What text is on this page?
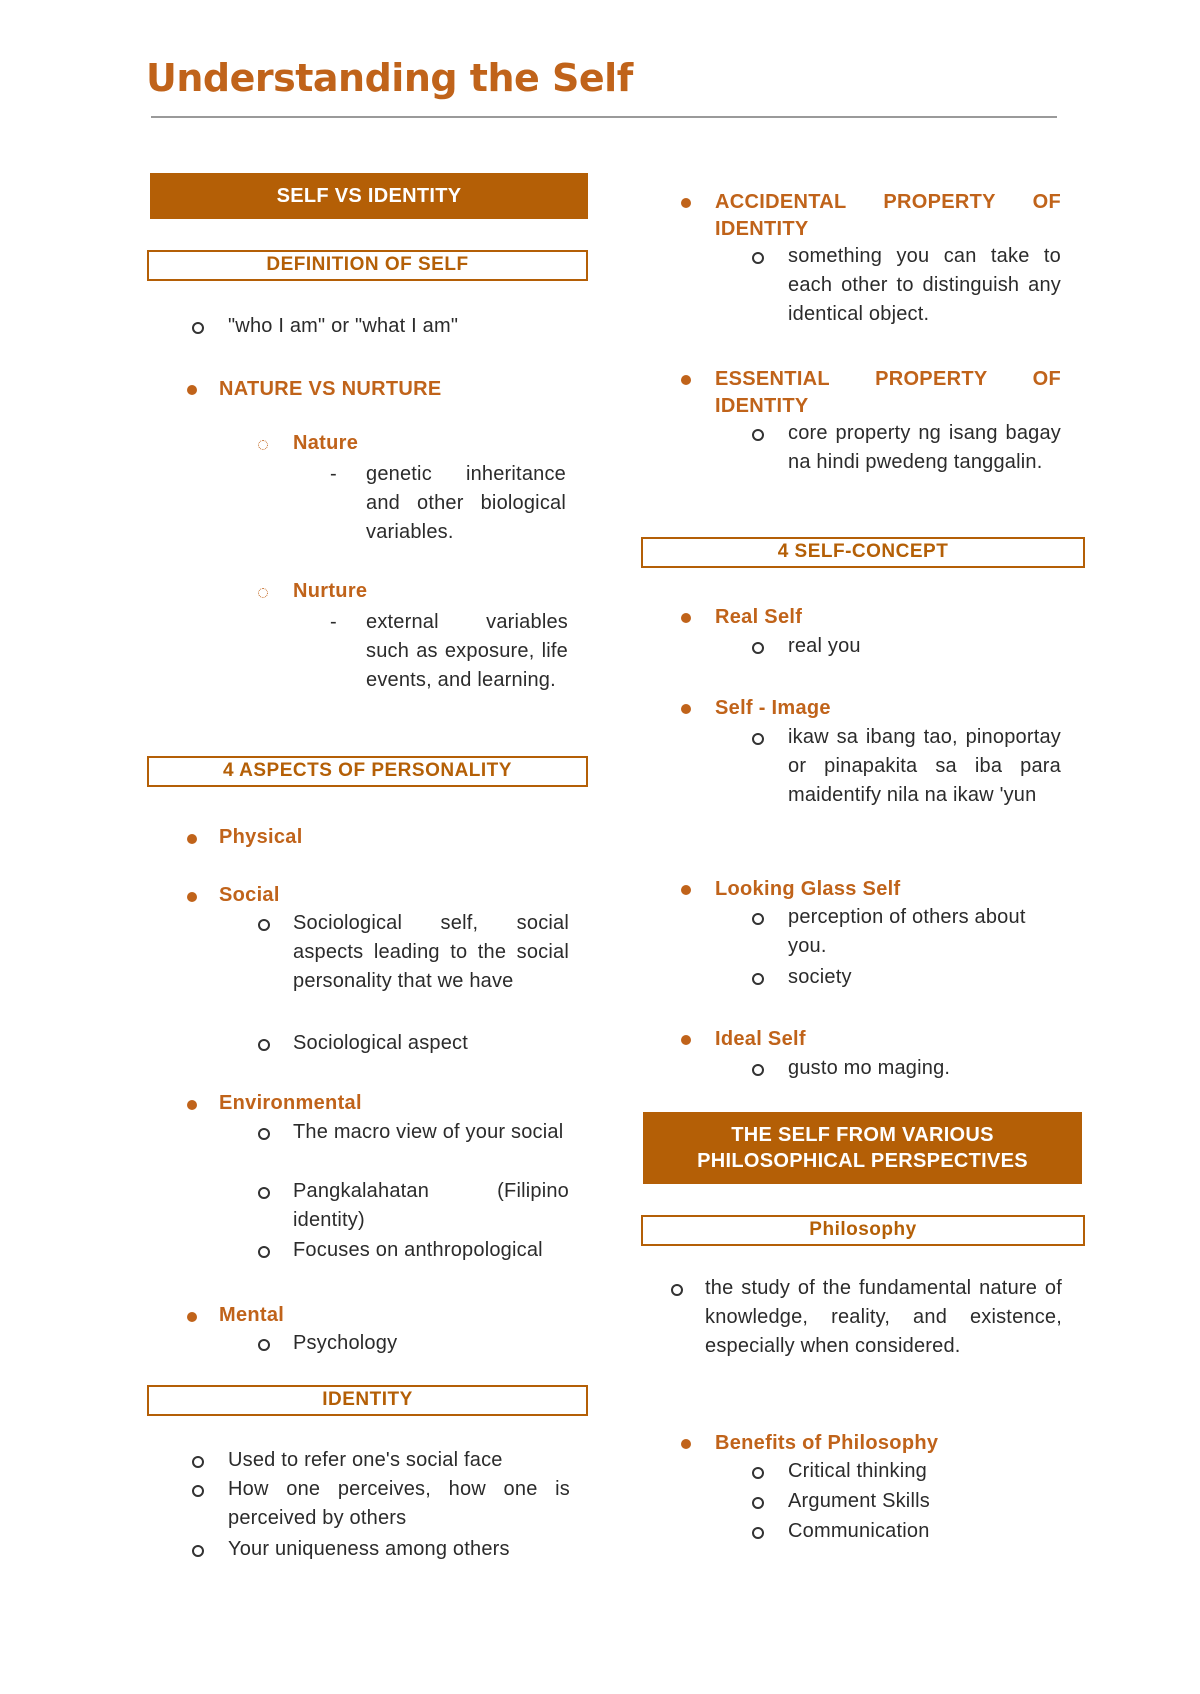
Understanding the Self
SELF VS IDENTITY
DEFINITION OF SELF
"who I am" or "what I am"
NATURE VS NURTURE
Nature
- genetic inheritance and other biological variables.
Nurture
- external variables such as exposure, life events, and learning.
4 ASPECTS OF PERSONALITY
Physical
Social
Sociological self, social aspects leading to the social personality that we have
Sociological aspect
Environmental
The macro view of your social
Pangkalahatan (Filipino identity)
Focuses on anthropological
Mental
Psychology
IDENTITY
Used to refer one's social face
How one perceives, how one is perceived by others
Your uniqueness among others
ACCIDENTAL PROPERTY OF IDENTITY
something you can take to each other to distinguish any identical object.
ESSENTIAL PROPERTY OF IDENTITY
core property ng isang bagay na hindi pwedeng tanggalin.
4 SELF-CONCEPT
Real Self
real you
Self - Image
ikaw sa ibang tao, pinoportay or pinapakita sa iba para maidentify nila na ikaw 'yun
Looking Glass Self
perception of others about you.
society
Ideal Self
gusto mo maging.
THE SELF FROM VARIOUS PHILOSOPHICAL PERSPECTIVES
Philosophy
the study of the fundamental nature of knowledge, reality, and existence, especially when considered.
Benefits of Philosophy
Critical thinking
Argument Skills
Communication
